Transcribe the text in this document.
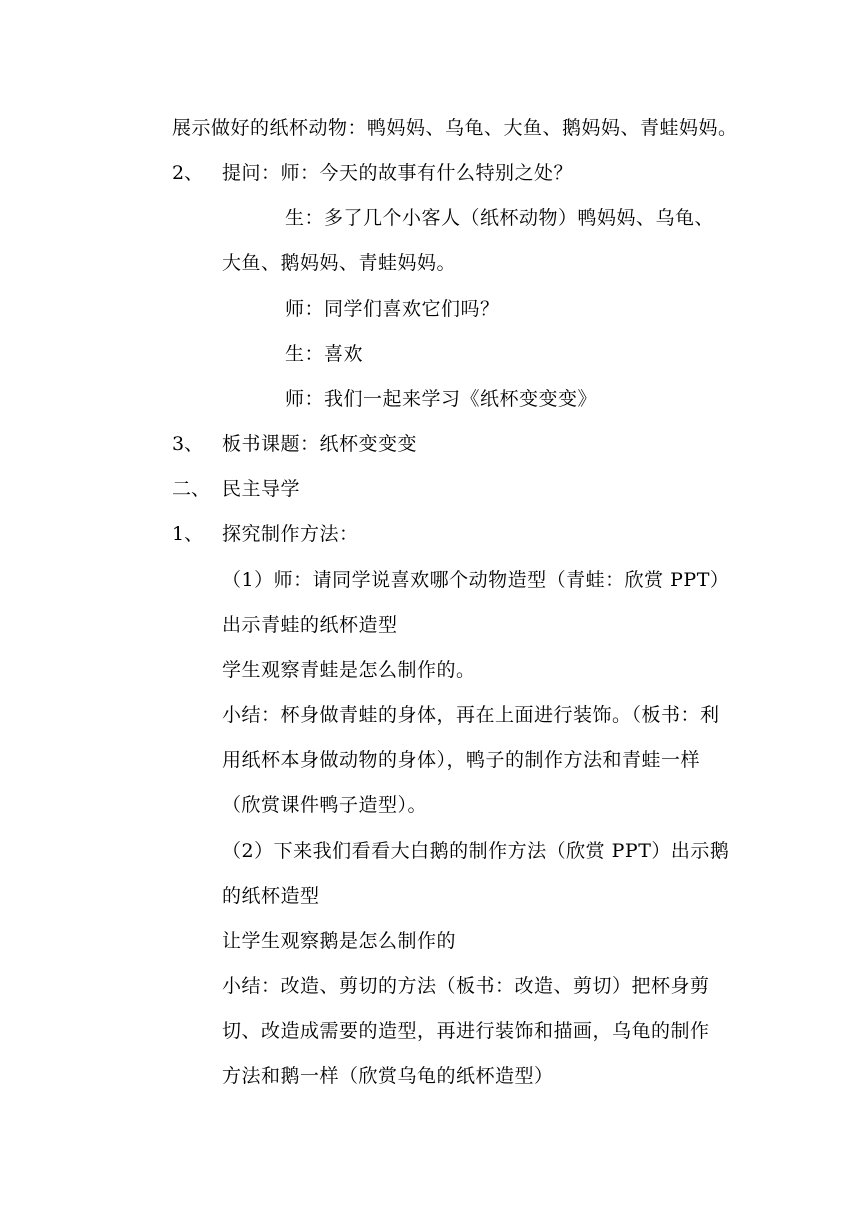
展示做好的纸杯动物：鸭妈妈、乌龟、大鱼、鹅妈妈、青蛙妈妈。
2、 提问：师：今天的故事有什么特别之处？
生：多了几个小客人（纸杯动物）鸭妈妈、乌龟、
大鱼、鹅妈妈、青蛙妈妈。
师：同学们喜欢它们吗？
生：喜欢
师：我们一起来学习《纸杯变变变》
3、 板书课题：纸杯变变变
二、 民主导学
1、 探究制作方法：
（1）师：请同学说喜欢哪个动物造型（青蛙：欣赏 PPT）
出示青蛙的纸杯造型
学生观察青蛙是怎么制作的。
小结：杯身做青蛙的身体，再在上面进行装饰。（板书：利
用纸杯本身做动物的身体），鸭子的制作方法和青蛙一样
（欣赏课件鸭子造型）。
（2）下来我们看看大白鹅的制作方法（欣赏 PPT）出示鹅
的纸杯造型
让学生观察鹅是怎么制作的
小结：改造、剪切的方法（板书：改造、剪切）把杯身剪
切、改造成需要的造型，再进行装饰和描画，乌龟的制作
方法和鹅一样（欣赏乌龟的纸杯造型）
